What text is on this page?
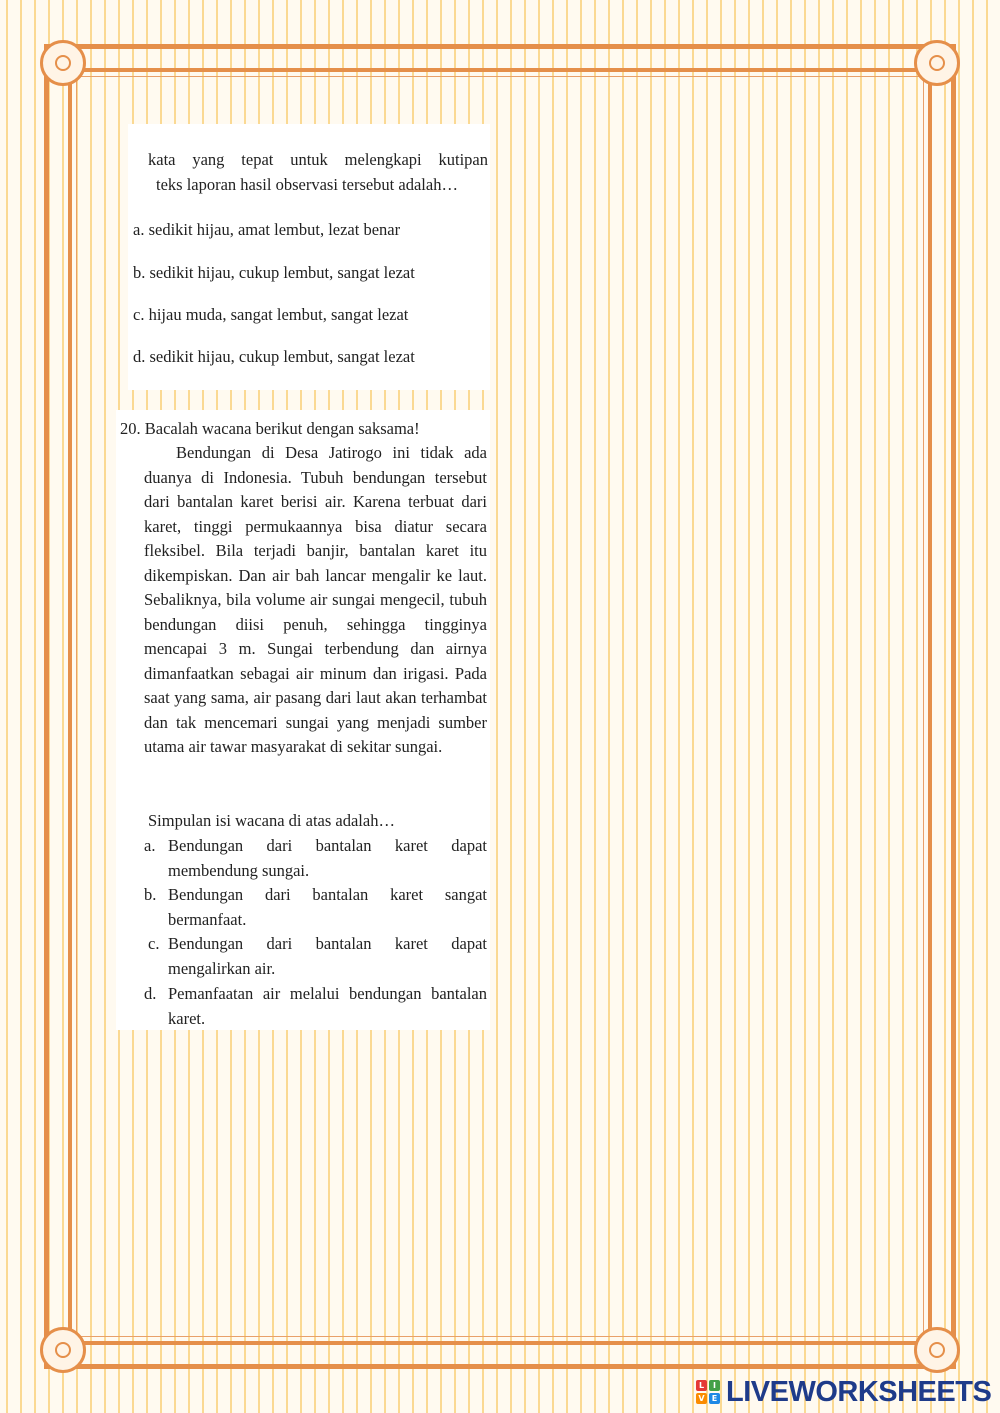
kata yang tepat untuk melengkapi kutipan
teks laporan hasil observasi tersebut adalah…

a. sedikit hijau, amat lembut, lezat benar

b. sedikit hijau, cukup lembut, sangat lezat

c. hijau muda, sangat lembut, sangat lezat

d. sedikit hijau, cukup lembut, sangat lezat

20. Bacalah wacana berikut dengan saksama!

Bendungan di Desa Jatirogo ini tidak ada duanya di Indonesia. Tubuh bendungan tersebut dari bantalan karet berisi air. Karena terbuat dari karet, tinggi permukaannya bisa diatur secara fleksibel. Bila terjadi banjir, bantalan karet itu dikempiskan. Dan air bah lancar mengalir ke laut. Sebaliknya, bila volume air sungai mengecil, tubuh bendungan diisi penuh, sehingga tingginya mencapai 3 m. Sungai terbendung dan airnya dimanfaatkan sebagai air minum dan irigasi. Pada saat yang sama, air pasang dari laut akan terhambat dan tak mencemari sungai yang menjadi sumber utama air tawar masyarakat di sekitar sungai.

Simpulan isi wacana di atas adalah…

a. Bendungan dari bantalan karet dapat membendung sungai.
b. Bendungan dari bantalan karet sangat bermanfaat.
c. Bendungan dari bantalan karet dapat mengalirkan air.
d. Pemanfaatan air melalui bendungan bantalan karet.
L	I
V E LIVEWORKSHEETS
